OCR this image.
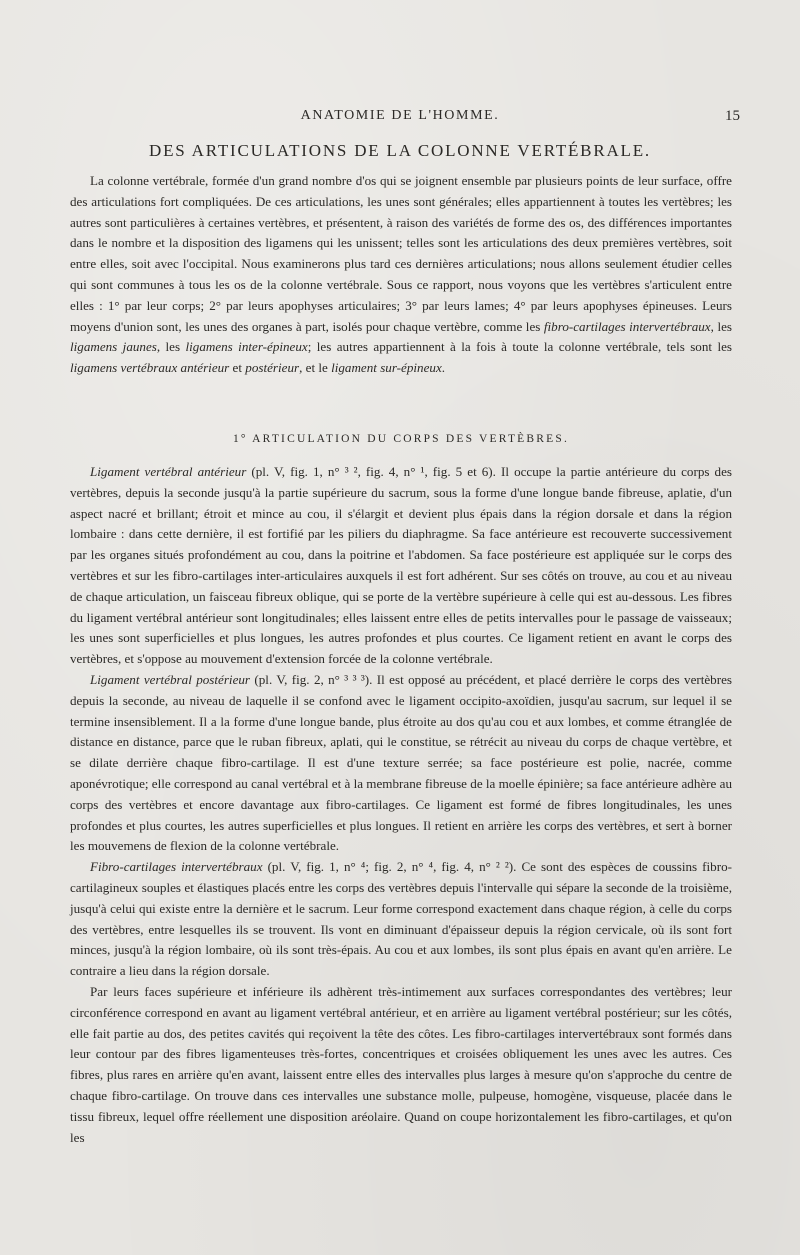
ANATOMIE DE L'HOMME.	15
DES ARTICULATIONS DE LA COLONNE VERTÉBRALE.

La colonne vertébrale, formée d'un grand nombre d'os qui se joignent ensemble par plusieurs points de leur surface, offre des articulations fort compliquées. De ces articulations, les unes sont générales; elles appartiennent à toutes les vertèbres; les autres sont particulières à certaines vertèbres, et présentent, à raison des variétés de forme des os, des différences importantes dans le nombre et la disposition des ligamens qui les unissent; telles sont les articulations des deux premières vertèbres, soit entre elles, soit avec l'occipital. Nous examinerons plus tard ces dernières articulations; nous allons seulement étudier celles qui sont communes à tous les os de la colonne vertébrale. Sous ce rapport, nous voyons que les vertèbres s'articulent entre elles : 1° par leur corps; 2° par leurs apophyses articulaires; 3° par leurs lames; 4° par leurs apophyses épineuses. Leurs moyens d'union sont, les unes des organes à part, isolés pour chaque vertèbre, comme les fibro-cartilages intervertébraux, les ligamens jaunes, les ligamens inter-épineux; les autres appartiennent à la fois à toute la colonne vertébrale, tels sont les ligamens vertébraux antérieur et postérieur, et le ligament sur-épineux.

1° ARTICULATION DU CORPS DES VERTÈBRES.

Ligament vertébral antérieur (pl. V, fig. 1, n° ³ ², fig. 4, n° ¹, fig. 5 et 6). Il occupe la partie antérieure du corps des vertèbres, depuis la seconde jusqu'à la partie supérieure du sacrum, sous la forme d'une longue bande fibreuse, aplatie, d'un aspect nacré et brillant; étroit et mince au cou, il s'élargit et devient plus épais dans la région dorsale et dans la région lombaire : dans cette dernière, il est fortifié par les piliers du diaphragme. Sa face antérieure est recouverte successivement par les organes situés profondément au cou, dans la poitrine et l'abdomen. Sa face postérieure est appliquée sur le corps des vertèbres et sur les fibro-cartilages inter-articulaires auxquels il est fort adhérent. Sur ses côtés on trouve, au cou et au niveau de chaque articulation, un faisceau fibreux oblique, qui se porte de la vertèbre supérieure à celle qui est au-dessous. Les fibres du ligament vertébral antérieur sont longitudinales; elles laissent entre elles de petits intervalles pour le passage de vaisseaux; les unes sont superficielles et plus longues, les autres profondes et plus courtes. Ce ligament retient en avant le corps des vertèbres, et s'oppose au mouvement d'extension forcée de la colonne vertébrale.

Ligament vertébral postérieur (pl. V, fig. 2, n° ³ ³ ³). Il est opposé au précédent, et placé derrière le corps des vertèbres depuis la seconde, au niveau de laquelle il se confond avec le ligament occipito-axoïdien, jusqu'au sacrum, sur lequel il se termine insensiblement. Il a la forme d'une longue bande, plus étroite au dos qu'au cou et aux lombes, et comme étranglée de distance en distance, parce que le ruban fibreux, aplati, qui le constitue, se rétrécit au niveau du corps de chaque vertèbre, et se dilate derrière chaque fibro-cartilage. Il est d'une texture serrée; sa face postérieure est polie, nacrée, comme aponévrotique; elle correspond au canal vertébral et à la membrane fibreuse de la moelle épinière; sa face antérieure adhère au corps des vertèbres et encore davantage aux fibro-cartilages. Ce ligament est formé de fibres longitudinales, les unes profondes et plus courtes, les autres superficielles et plus longues. Il retient en arrière les corps des vertèbres, et sert à borner les mouvemens de flexion de la colonne vertébrale.

Fibro-cartilages intervertébraux (pl. V, fig. 1, n° ⁴; fig. 2, n° ⁴, fig. 4, n° ² ²). Ce sont des espèces de coussins fibro-cartilagineux souples et élastiques placés entre les corps des vertèbres depuis l'intervalle qui sépare la seconde de la troisième, jusqu'à celui qui existe entre la dernière et le sacrum. Leur forme correspond exactement dans chaque région, à celle du corps des vertèbres, entre lesquelles ils se trouvent. Ils vont en diminuant d'épaisseur depuis la région cervicale, où ils sont fort minces, jusqu'à la région lombaire, où ils sont très-épais. Au cou et aux lombes, ils sont plus épais en avant qu'en arrière. Le contraire a lieu dans la région dorsale.

Par leurs faces supérieure et inférieure ils adhèrent très-intimement aux surfaces correspondantes des vertèbres; leur circonférence correspond en avant au ligament vertébral antérieur, et en arrière au ligament vertébral postérieur; sur les côtés, elle fait partie au dos, des petites cavités qui reçoivent la tête des côtes. Les fibro-cartilages intervertébraux sont formés dans leur contour par des fibres ligamenteuses très-fortes, concentriques et croisées obliquement les unes avec les autres. Ces fibres, plus rares en arrière qu'en avant, laissent entre elles des intervalles plus larges à mesure qu'on s'approche du centre de chaque fibro-cartilage. On trouve dans ces intervalles une substance molle, pulpeuse, homogène, visqueuse, placée dans le tissu fibreux, lequel offre réellement une disposition aréolaire. Quand on coupe horizontalement les fibro-cartilages, et qu'on les
